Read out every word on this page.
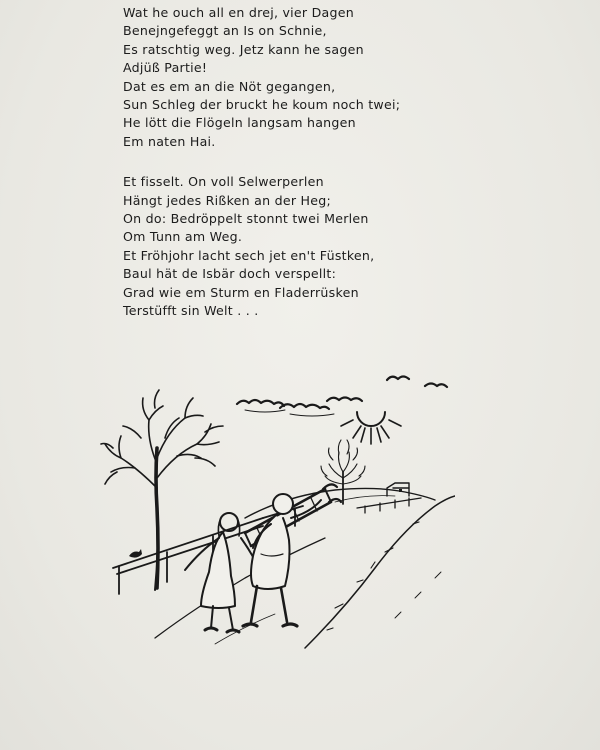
Wat he ouch all en drej, vier Dagen
Benejngefeggt an Is on Schnie,
Es ratschtig weg. Jetz kann he sagen
Adjüß Partie!
Dat es em an die Nöt gegangen,
Sun Schleg der bruckt he koum noch twei;
He lött die Flögeln langsam hangen
Em naten Hai.
Et fisselt. On voll Selwerperlen
Hängt jedes Rißken an der Heg;
On do: Bedröppelt stonnt twei Merlen
Om Tunn am Weg.
Et Fröhjohr lacht sech jet en't Füstken,
Baul hät de Isbär doch verspellt:
Grad wie em Sturm en Fladerrüsken
Terstüfft sin Welt . . .
